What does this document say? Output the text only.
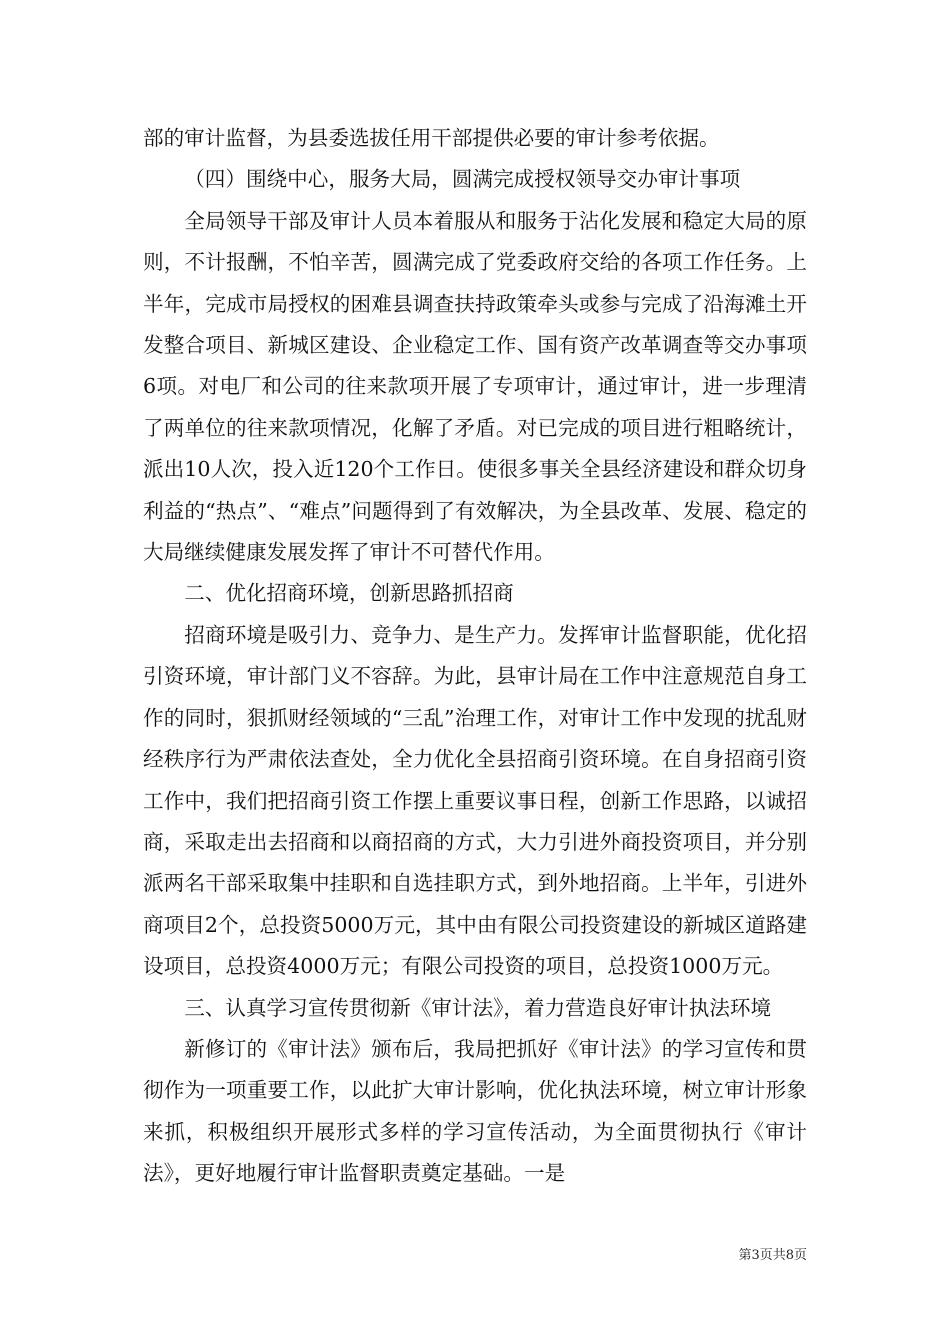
部的审计监督，为县委选拔任用干部提供必要的审计参考依据。

（四）围绕中心，服务大局，圆满完成授权领导交办审计事项

全局领导干部及审计人员本着服从和服务于沾化发展和稳定大局的原则，不计报酬，不怕辛苦，圆满完成了党委政府交给的各项工作任务。上半年，完成市局授权的困难县调查扶持政策牵头或参与完成了沿海滩土开发整合项目、新城区建设、企业稳定工作、国有资产改革调查等交办事项6项。对电厂和公司的往来款项开展了专项审计，通过审计，进一步理清了两单位的往来款项情况，化解了矛盾。对已完成的项目进行粗略统计，派出10人次，投入近120个工作日。使很多事关全县经济建设和群众切身利益的“热点”、“难点”问题得到了有效解决，为全县改革、发展、稳定的大局继续健康发展发挥了审计不可替代作用。

二、优化招商环境，创新思路抓招商

招商环境是吸引力、竞争力、是生产力。发挥审计监督职能，优化招引资环境，审计部门义不容辞。为此，县审计局在工作中注意规范自身工作的同时，狠抓财经领域的“三乱”治理工作，对审计工作中发现的扰乱财经秩序行为严肃依法查处，全力优化全县招商引资环境。在自身招商引资工作中，我们把招商引资工作摆上重要议事日程，创新工作思路，以诚招商，采取走出去招商和以商招商的方式，大力引进外商投资项目，并分别派两名干部采取集中挂职和自选挂职方式，到外地招商。上半年，引进外商项目2个，总投资5000万元，其中由有限公司投资建设的新城区道路建设项目，总投资4000万元；有限公司投资的项目，总投资1000万元。

三、认真学习宣传贯彻新《审计法》，着力营造良好审计执法环境

新修订的《审计法》颁布后，我局把抓好《审计法》的学习宣传和贯彻作为一项重要工作，以此扩大审计影响，优化执法环境，树立审计形象来抓，积极组织开展形式多样的学习宣传活动，为全面贯彻执行《审计法》，更好地履行审计监督职责奠定基础。一是

第3页共8页
